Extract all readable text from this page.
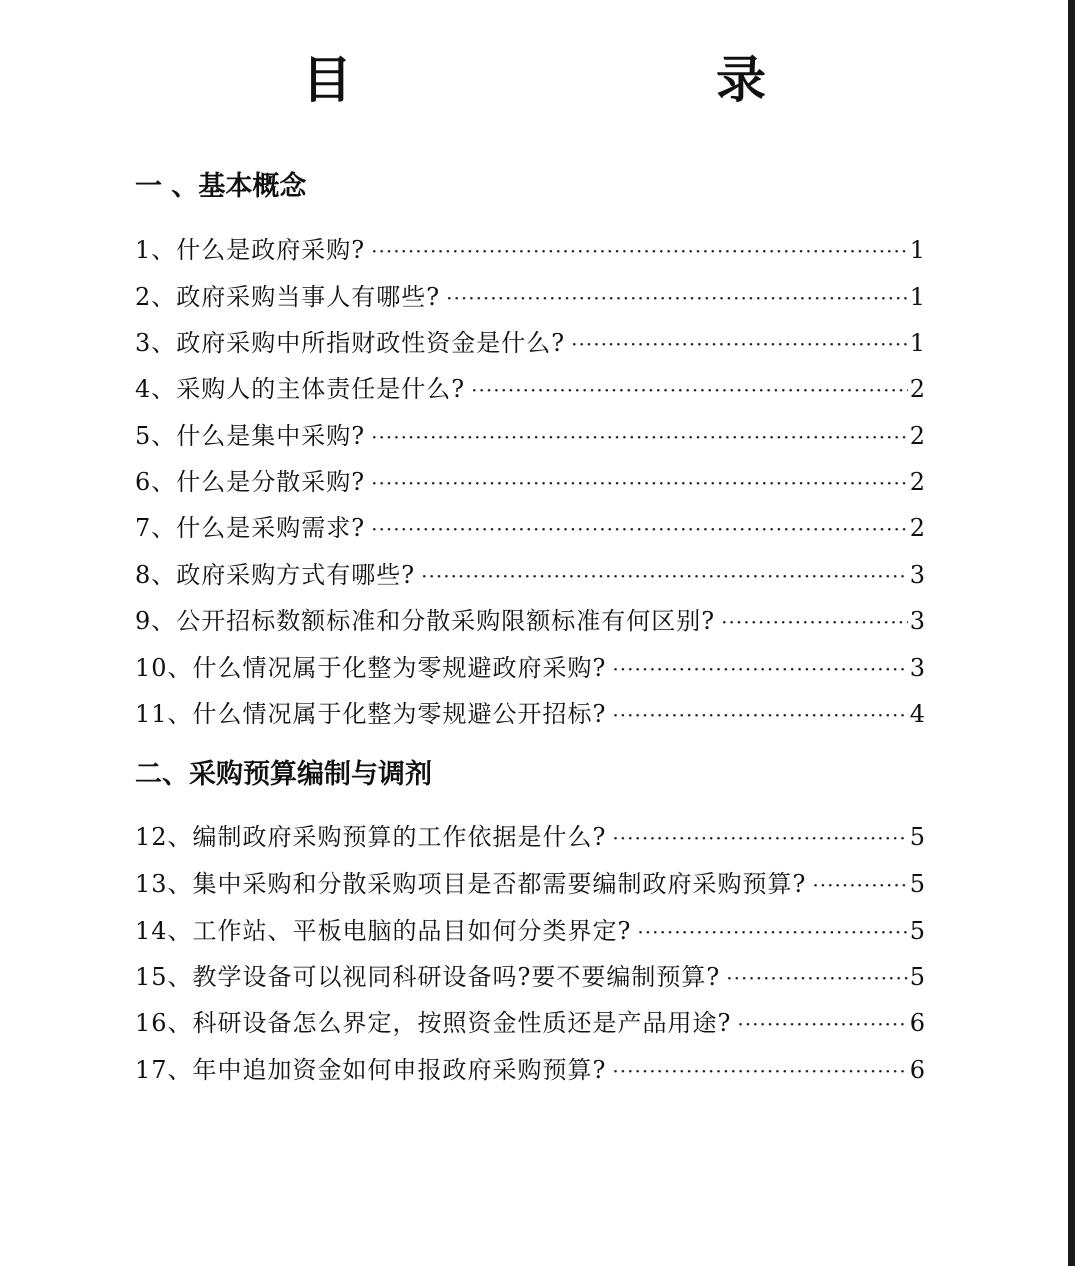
目　　录
一 、基本概念
1、什么是政府采购? ·····	1
2、政府采购当事人有哪些? ·····	1
3、政府采购中所指财政性资金是什么? ·····	1
4、采购人的主体责任是什么? ·····	2
5、什么是集中采购? ·····	2
6、什么是分散采购? ·····	2
7、什么是采购需求? ·····	2
8、政府采购方式有哪些? ·····	3
9、公开招标数额标准和分散采购限额标准有何区别? ·····	3
10、什么情况属于化整为零规避政府采购? ·····	3
11、什么情况属于化整为零规避公开招标? ·····	4
二、采购预算编制与调剂
12、编制政府采购预算的工作依据是什么? ·····	5
13、集中采购和分散采购项目是否都需要编制政府采购预算? ·····	5
14、工作站、平板电脑的品目如何分类界定? ·····	5
15、教学设备可以视同科研设备吗?要不要编制预算? ·····	5
16、科研设备怎么界定，按照资金性质还是产品用途? ·····	6
17、年中追加资金如何申报政府采购预算? ·····	6
